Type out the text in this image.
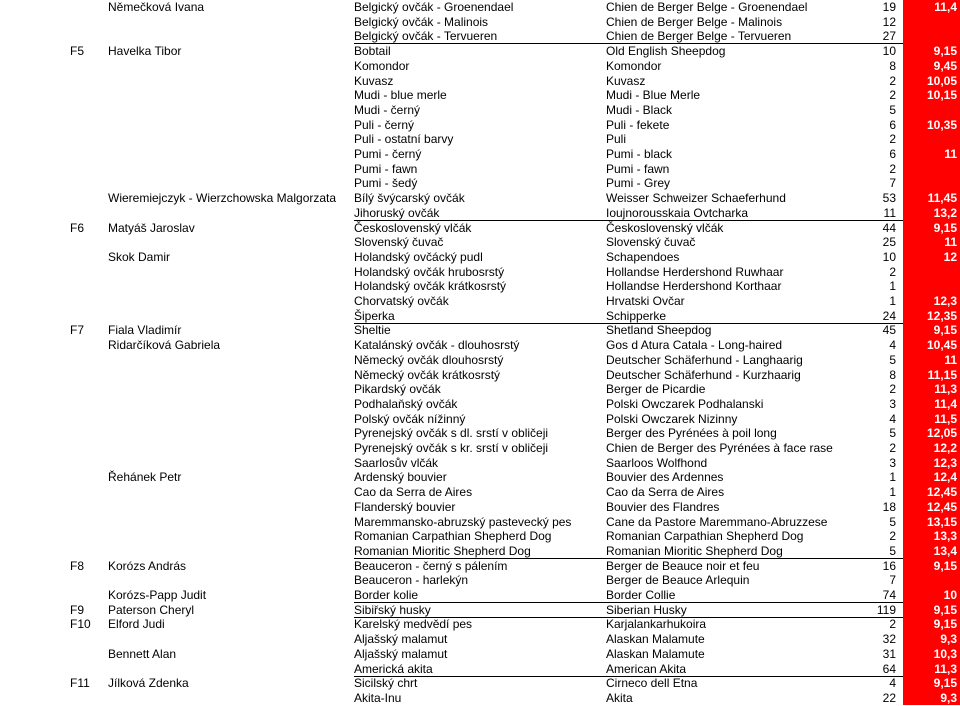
Němečková Ivana	Belgický ovčák - Groenendael	Chien de Berger Belge - Groenendael	19	11,4
Belgický ovčák - Malinois	Chien de Berger Belge - Malinois	12
Belgický ovčák - Tervueren	Chien de Berger Belge - Tervueren	27
F5	Havelka Tibor	Bobtail	Old English Sheepdog	10	9,15
Komondor	Komondor	8	9,45
Kuvasz	Kuvasz	2	10,05
Mudi - blue merle	Mudi - Blue Merle	2	10,15
Mudi - černý	Mudi - Black	5
Puli - černý	Puli - fekete	6	10,35
Puli - ostatní barvy	Puli	2
Pumi - černý	Pumi - black	6	11
Pumi - fawn	Pumi - fawn	2
Pumi - šedý	Pumi - Grey	7
Wieremiejczyk - Wierzchowska Malgorzata	Bílý švýcarský ovčák	Weisser Schweizer Schaeferhund	53	11,45
Jihoruský ovčák	Ioujnorousskaia Ovtcharka	11	13,2
F6	Matyáš Jaroslav	Československý vlčák	Československý vlčák	44	9,15
Slovenský čuvač	Slovenský čuvač	25	11
Skok Damir	Holandský ovčácký pudl	Schapendoes	10	12
Holandský ovčák hrubosrstý	Hollandse Herdershond Ruwhaar	2
Holandský ovčák krátkosrstý	Hollandse Herdershond Korthaar	1
Chorvatský ovčák	Hrvatski Ovčar	1	12,3
Šiperka	Schipperke	24	12,35
F7	Fiala Vladimír	Sheltie	Shetland Sheepdog	45	9,15
Ridarčíková Gabriela	Katalánský ovčák - dlouhosrstý	Gos d Atura Catala - Long-haired	4	10,45
Německý ovčák dlouhosrstý	Deutscher Schäferhund - Langhaarig	5	11
Německý ovčák krátkosrstý	Deutscher Schäferhund - Kurzhaarig	8	11,15
Pikardský ovčák	Berger de Picardie	2	11,3
Podhalaňský ovčák	Polski Owczarek Podhalanski	3	11,4
Polský ovčák nížinný	Polski Owczarek Nizinny	4	11,5
Pyrenejský ovčák s dl. srstí v obličeji	Berger des Pyrénées à poil long	5	12,05
Pyrenejský ovčák s kr. srstí v obličeji	Chien de Berger des Pyrénées à face rase	2	12,2
Saarlosův vlčák	Saarloos Wolfhond	3	12,3
Řehánek Petr	Ardenský bouvier	Bouvier des Ardennes	1	12,4
Cao da Serra de Aires	Cao da Serra de Aires	1	12,45
Flanderský bouvier	Bouvier des Flandres	18	12,45
Maremmansko-abruzský pastevecký pes	Cane da Pastore Maremmano-Abruzzese	5	13,15
Romanian Carpathian Shepherd Dog	Romanian Carpathian Shepherd Dog	2	13,3
Romanian Mioritic Shepherd Dog	Romanian Mioritic Shepherd Dog	5	13,4
F8	Korózs András	Beauceron - černý s pálením	Berger de Beauce noir et feu	16	9,15
Beauceron - harlekýn	Berger de Beauce Arlequin	7
Korózs-Papp Judit	Border kolie	Border Collie	74	10
F9	Paterson Cheryl	Sibiřský husky	Siberian Husky	119	9,15
F10	Elford Judi	Karelský medvědí pes	Karjalankarhukoira	2	9,15
Aljašský malamut	Alaskan Malamute	32	9,3
Bennett Alan	Aljašský malamut	Alaskan Malamute	31	10,3
Americká akita	American Akita	64	11,3
F11	Jílková Zdenka	Sicilský chrt	Cirneco dell Etna	4	9,15
Akita-Inu	Akita	22	9,3
